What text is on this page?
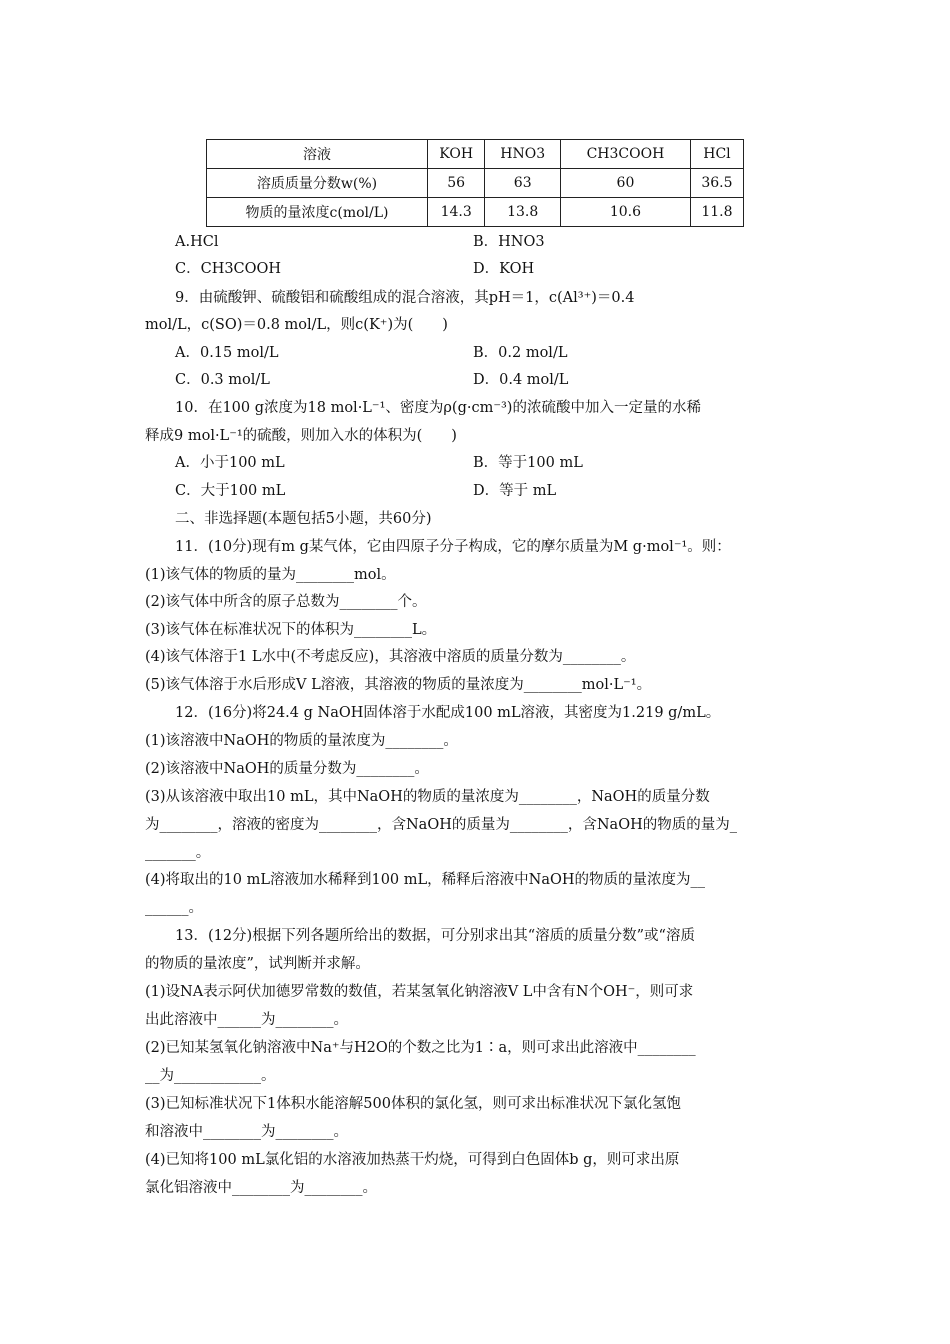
溶液	KOH	HNO3	CH3COOH	HCl
溶质质量分数w(%)	56	63	60	36.5
物质的量浓度c(mol/L)	14.3	13.8	10.6	11.8
A.HCl	B．HNO3
C．CH3COOH	D．KOH
9．由硫酸钾、硫酸铝和硫酸组成的混合溶液，其pH＝1，c(Al³⁺)＝0.4
mol/L，c(SO)＝0.8 mol/L，则c(K⁺)为(　　)
A．0.15 mol/L	B．0.2 mol/L
C．0.3 mol/L	D．0.4 mol/L
10．在100 g浓度为18 mol·L⁻¹、密度为ρ(g·cm⁻³)的浓硫酸中加入一定量的水稀
释成9 mol·L⁻¹的硫酸，则加入水的体积为(　　)
A．小于100 mL	B．等于100 mL
C．大于100 mL	D．等于 mL
二、非选择题(本题包括5小题，共60分)
11．(10分)现有m g某气体，它由四原子分子构成，它的摩尔质量为M g·mol⁻¹。则：
(1)该气体的物质的量为________mol。
(2)该气体中所含的原子总数为________个。
(3)该气体在标准状况下的体积为________L。
(4)该气体溶于1 L水中(不考虑反应)，其溶液中溶质的质量分数为________。
(5)该气体溶于水后形成V L溶液，其溶液的物质的量浓度为________mol·L⁻¹。
12．(16分)将24.4 g NaOH固体溶于水配成100 mL溶液，其密度为1.219 g/mL。
(1)该溶液中NaOH的物质的量浓度为________。
(2)该溶液中NaOH的质量分数为________。
(3)从该溶液中取出10 mL，其中NaOH的物质的量浓度为________，NaOH的质量分数
为________，溶液的密度为________，含NaOH的质量为________，含NaOH的物质的量为_
_______。
(4)将取出的10 mL溶液加水稀释到100 mL，稀释后溶液中NaOH的物质的量浓度为__
______。
13．(12分)根据下列各题所给出的数据，可分别求出其“溶质的质量分数”或“溶质
的物质的量浓度”，试判断并求解。
(1)设NA表示阿伏加德罗常数的数值，若某氢氧化钠溶液V L中含有N个OH⁻，则可求
出此溶液中______为________。
(2)已知某氢氧化钠溶液中Na⁺与H2O的个数之比为1∶a，则可求出此溶液中________
__为____________。
(3)已知标准状况下1体积水能溶解500体积的氯化氢，则可求出标准状况下氯化氢饱
和溶液中________为________。
(4)已知将100 mL氯化铝的水溶液加热蒸干灼烧，可得到白色固体b g，则可求出原
氯化铝溶液中________为________。
